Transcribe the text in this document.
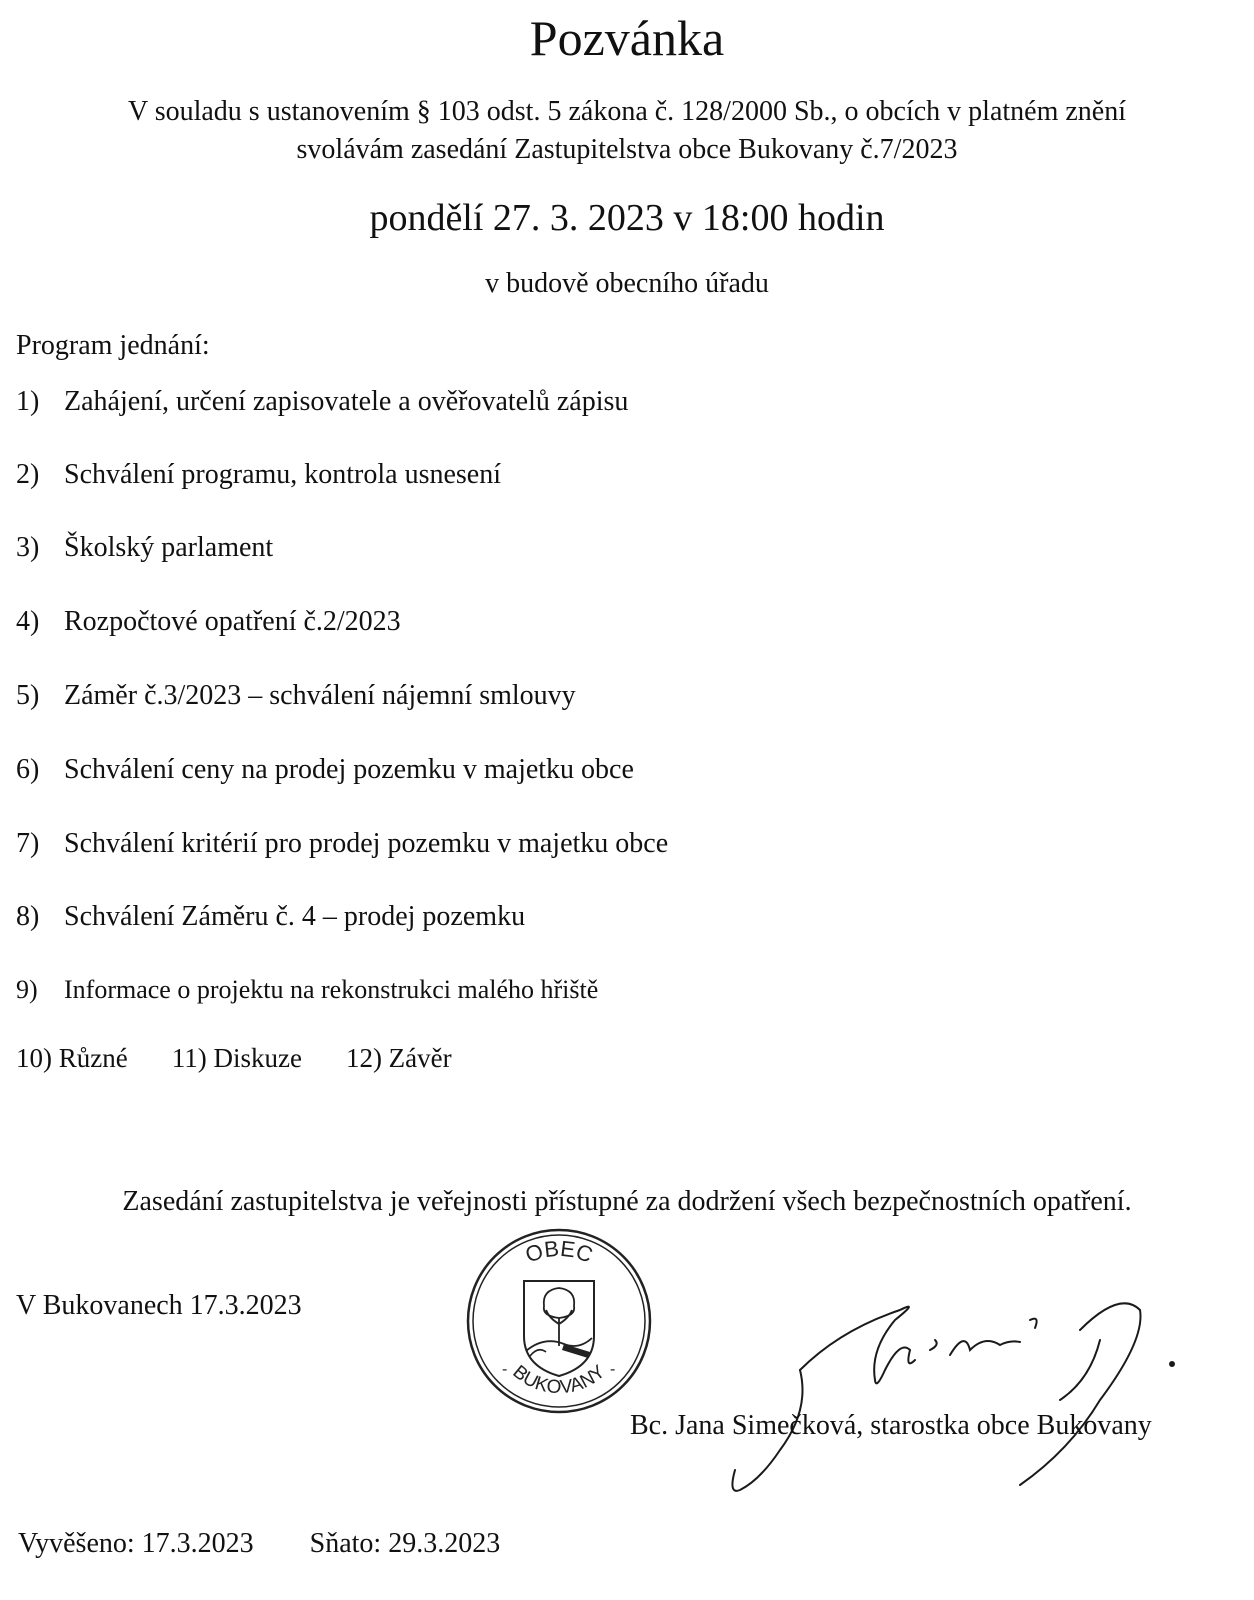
Pozvánka
V souladu s ustanovením § 103 odst. 5 zákona č. 128/2000 Sb., o obcích v platném znění
svolávám zasedání Zastupitelstva obce Bukovany č.7/2023
pondělí 27. 3. 2023 v 18:00 hodin
v budově obecního úřadu
Program jednání:
1) Zahájení, určení zapisovatele a ověřovatelů zápisu
2) Schválení programu, kontrola usnesení
3) Školský parlament
4) Rozpočtové opatření č.2/2023
5) Záměr č.3/2023 – schválení nájemní smlouvy
6) Schválení ceny na prodej pozemku v majetku obce
7) Schválení kritérií pro prodej pozemku v majetku obce
8) Schválení Záměru č. 4 – prodej pozemku
9) Informace o projektu na rekonstrukci malého hřiště
10) Různé 11) Diskuze 12) Závěr
Zasedání zastupitelstva je veřejnosti přístupné za dodržení všech bezpečnostních opatření.
V Bukovanech 17.3.2023
OBEC
BUKOVANY
-	-
Bc. Jana Simečková, starostka obce Bukovany
Vyvěšeno: 17.3.2023 Sňato: 29.3.2023
